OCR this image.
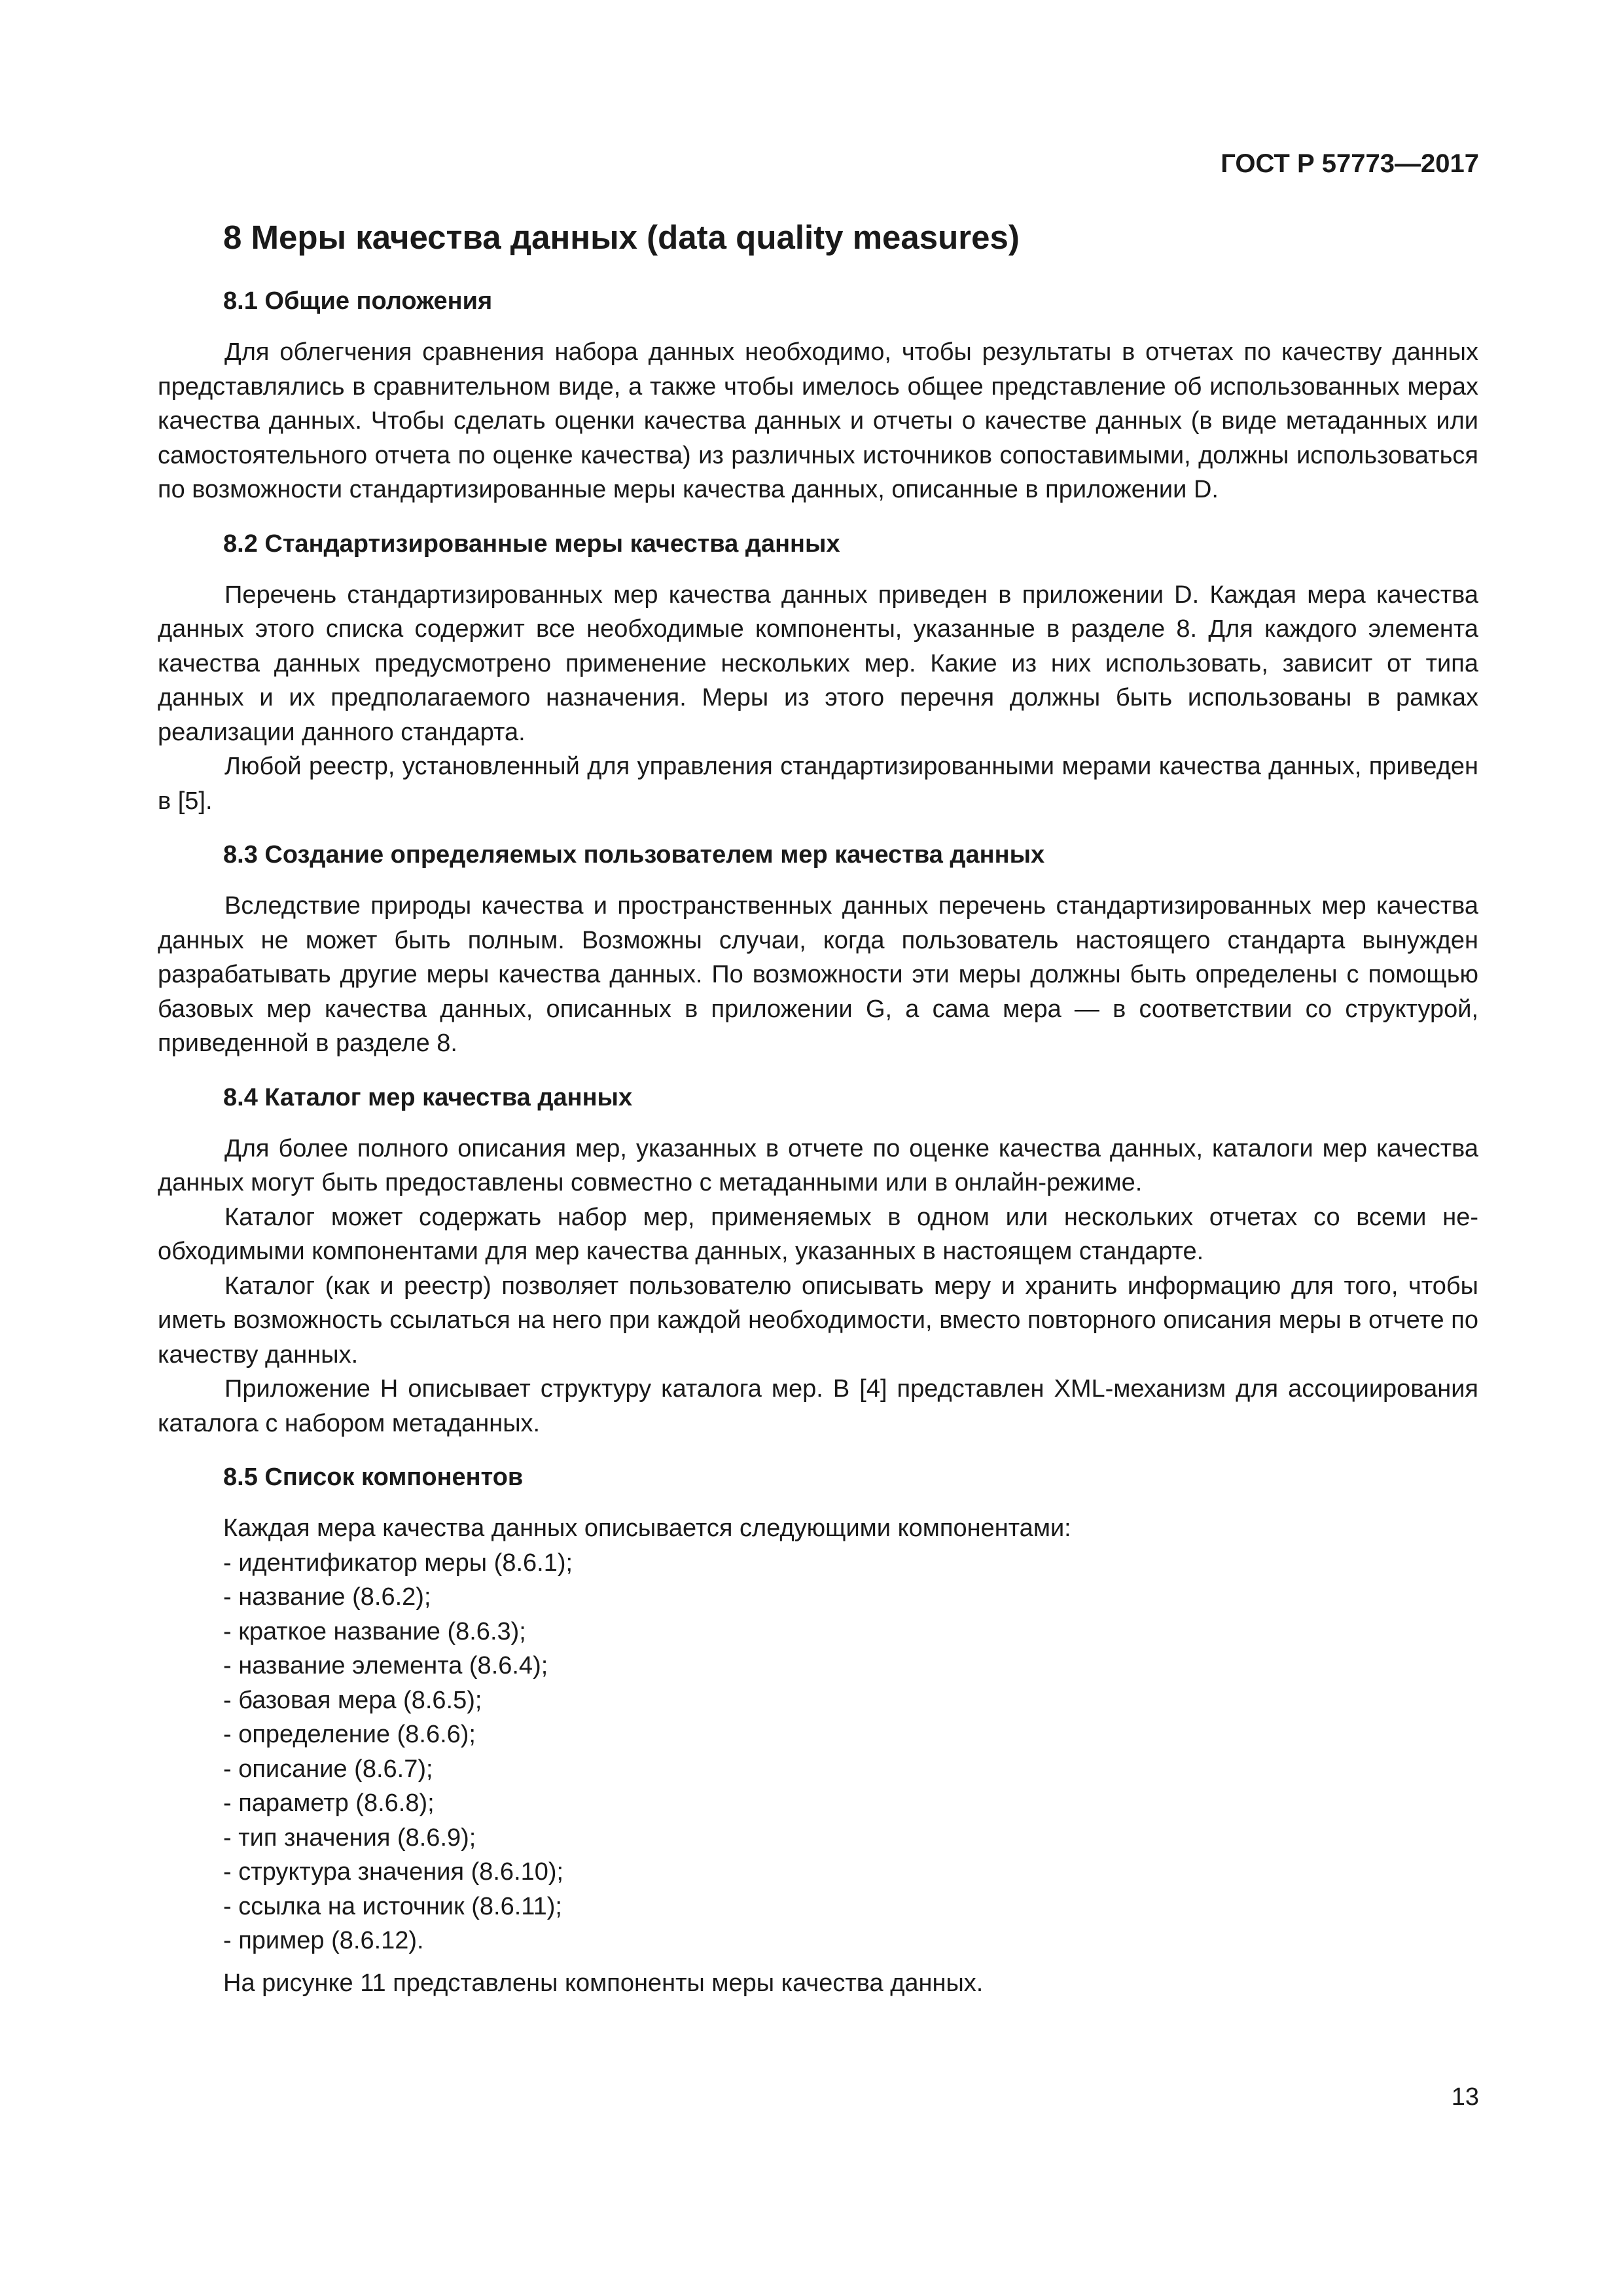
ГОСТ Р 57773—2017
8 Меры качества данных (data quality measures)
8.1 Общие положения

Для облегчения сравнения набора данных необходимо, чтобы результаты в отчетах по качеству данных представлялись в сравнительном виде, а также чтобы имелось общее представление об использованных мерах качества данных. Чтобы сделать оценки качества данных и отчеты о качестве данных (в виде метаданных или самостоятельного отчета по оценке качества) из различных источников сопоставимыми, должны использоваться по возможности стандартизированные меры качества данных, описанные в приложении D.

8.2 Стандартизированные меры качества данных

Перечень стандартизированных мер качества данных приведен в приложении D. Каждая мера качества данных этого списка содержит все необходимые компоненты, указанные в разделе 8. Для каждого элемента качества данных предусмотрено применение нескольких мер. Какие из них использовать, зависит от типа данных и их предполагаемого назначения. Меры из этого перечня должны быть использованы в рамках реализации данного стандарта.

Любой реестр, установленный для управления стандартизированными мерами качества данных, приведен в [5].

8.3 Создание определяемых пользователем мер качества данных

Вследствие природы качества и пространственных данных перечень стандартизированных мер качества данных не может быть полным. Возможны случаи, когда пользователь настоящего стандарта вынужден разрабатывать другие меры качества данных. По возможности эти меры должны быть определены с помощью базовых мер качества данных, описанных в приложении G, а сама мера — в соответствии со структурой, приведенной в разделе 8.

8.4 Каталог мер качества данных

Для более полного описания мер, указанных в отчете по оценке качества данных, каталоги мер качества данных могут быть предоставлены совместно с метаданными или в онлайн-режиме.

Каталог может содержать набор мер, применяемых в одном или нескольких отчетах со всеми необходимыми компонентами для мер качества данных, указанных в настоящем стандарте.

Каталог (как и реестр) позволяет пользователю описывать меру и хранить информацию для того, чтобы иметь возможность ссылаться на него при каждой необходимости, вместо повторного описания меры в отчете по качеству данных.

Приложение H описывает структуру каталога мер. В [4] представлен XML-механизм для ассоциирования каталога с набором метаданных.

8.5 Список компонентов
Каждая мера качества данных описывается следующими компонентами:
- идентификатор меры (8.6.1);
- название (8.6.2);
- краткое название (8.6.3);
- название элемента (8.6.4);
- базовая мера (8.6.5);
- определение (8.6.6);
- описание (8.6.7);
- параметр (8.6.8);
- тип значения (8.6.9);
- структура значения (8.6.10);
- ссылка на источник (8.6.11);
- пример (8.6.12).
На рисунке 11 представлены компоненты меры качества данных.
13
